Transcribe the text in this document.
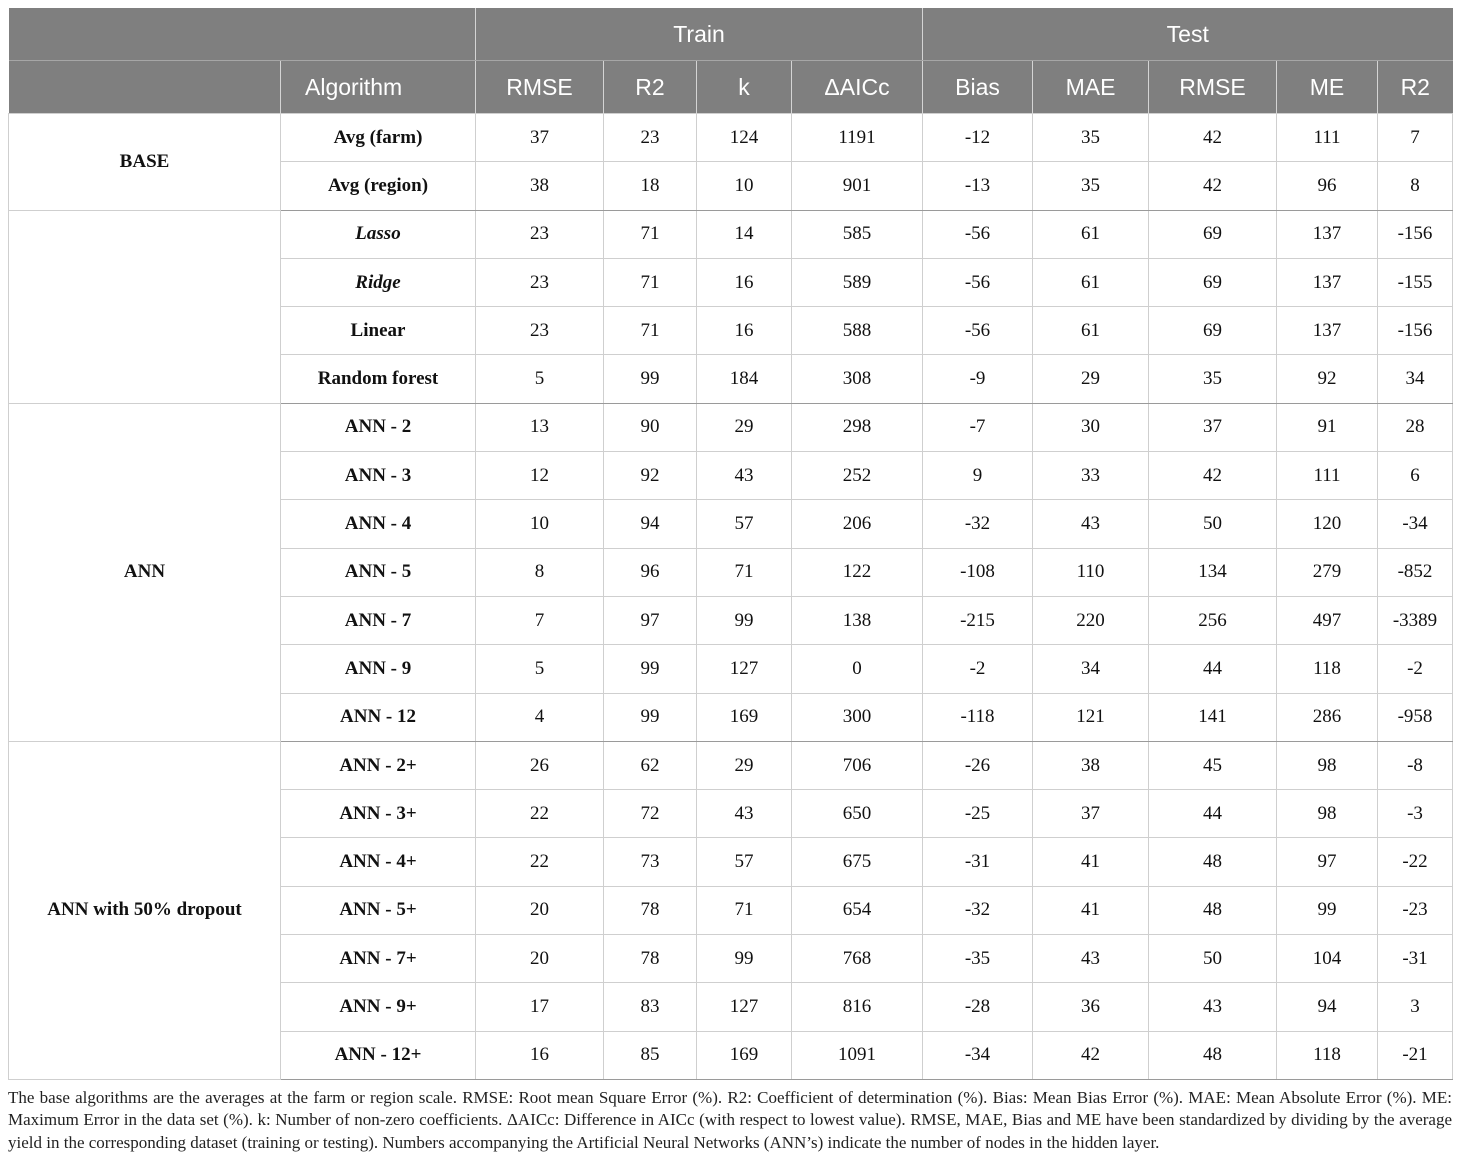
		Train				Test				
	Algorithm	RMSE	R2	k	ΔAICc	Bias	MAE	RMSE	ME	R2
BASE	Avg (farm)	37	23	124	1191	-12	35	42	111	7
	Avg (region)	38	18	10	901	-13	35	42	96	8
	Lasso	23	71	14	585	-56	61	69	137	-156
	Ridge	23	71	16	589	-56	61	69	137	-155
	Linear	23	71	16	588	-56	61	69	137	-156
	Random forest	5	99	184	308	-9	29	35	92	34
ANN	ANN - 2	13	90	29	298	-7	30	37	91	28
	ANN - 3	12	92	43	252	9	33	42	111	6
	ANN - 4	10	94	57	206	-32	43	50	120	-34
	ANN - 5	8	96	71	122	-108	110	134	279	-852
	ANN - 7	7	97	99	138	-215	220	256	497	-3389
	ANN - 9	5	99	127	0	-2	34	44	118	-2
	ANN - 12	4	99	169	300	-118	121	141	286	-958
ANN with 50% dropout	ANN - 2+	26	62	29	706	-26	38	45	98	-8
	ANN - 3+	22	72	43	650	-25	37	44	98	-3
	ANN - 4+	22	73	57	675	-31	41	48	97	-22
	ANN - 5+	20	78	71	654	-32	41	48	99	-23
	ANN - 7+	20	78	99	768	-35	43	50	104	-31
	ANN - 9+	17	83	127	816	-28	36	43	94	3
	ANN - 12+	16	85	169	1091	-34	42	48	118	-21
The base algorithms are the averages at the farm or region scale. RMSE: Root mean Square Error (%). R2: Coefficient of determination (%). Bias: Mean Bias Error (%). MAE: Mean Absolute Error (%). ME: Maximum Error in the data set (%). k: Number of non-zero coefficients. ΔAICc: Difference in AICc (with respect to lowest value). RMSE, MAE, Bias and ME have been standardized by dividing by the average yield in the corresponding dataset (training or testing). Numbers accompanying the Artificial Neural Networks (ANN’s) indicate the number of nodes in the hidden layer.
